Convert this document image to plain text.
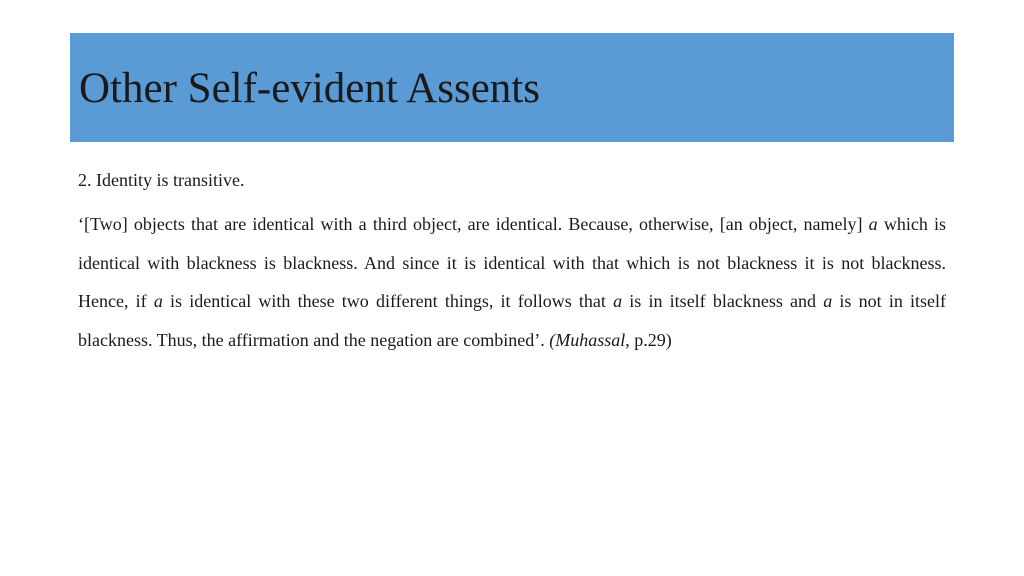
Other Self-evident Assents

2. Identity is transitive.

‘[Two] objects that are identical with a third object, are identical. Because, otherwise, [an object, namely] a which is identical with blackness is blackness. And since it is identical with that which is not blackness it is not blackness. Hence, if a is identical with these two different things, it follows that a is in itself blackness and a is not in itself blackness. Thus, the affirmation and the negation are combined’. (Muhassal, p.29)
